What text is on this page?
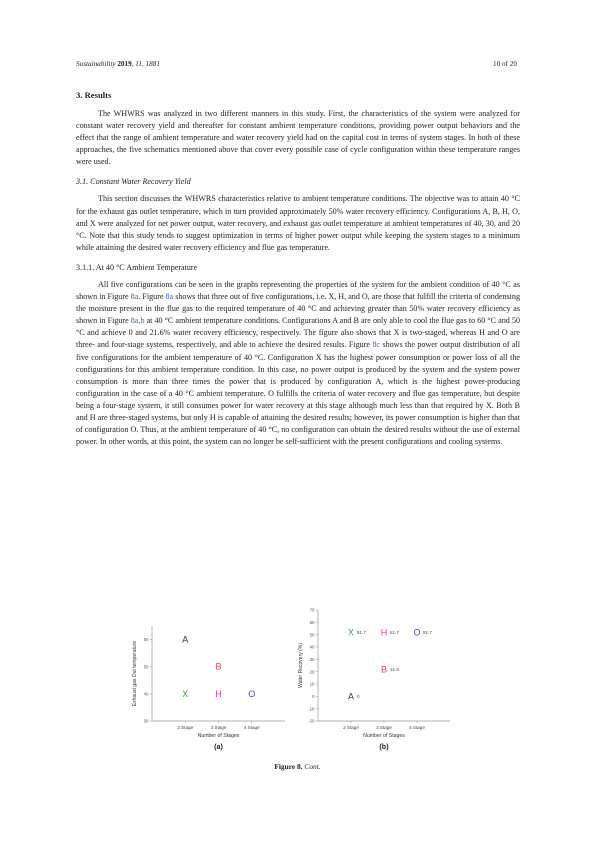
Sustainability 2019, 11, 1881	10 of 20
3. Results

The WHWRS was analyzed in two different manners in this study. First, the characteristics of the system were analyzed for constant water recovery yield and thereafter for constant ambient temperature conditions, providing power output behaviors and the effect that the range of ambient temperature and water recovery yield had on the capital cost in terms of system stages. In both of these approaches, the five schematics mentioned above that cover every possible case of cycle configuration within these temperature ranges were used.

3.1. Constant Water Recovery Yield

This section discusses the WHWRS characteristics relative to ambient temperature conditions. The objective was to attain 40 °C for the exhaust gas outlet temperature, which in turn provided approximately 50% water recovery efficiency. Configurations A, B, H, O, and X were analyzed for net power output, water recovery, and exhaust gas outlet temperature at ambient temperatures of 40, 30, and 20 °C. Note that this study tends to suggest optimization in terms of higher power output while keeping the system stages to a minimum while attaining the desired water recovery efficiency and flue gas temperature.

3.1.1. At 40 °C Ambient Temperature

All five configurations can be seen in the graphs representing the properties of the system for the ambient condition of 40 °C as shown in Figure 8a. Figure 8a shows that three out of five configurations, i.e. X, H, and O, are those that fulfill the criteria of condensing the moisture present in the flue gas to the required temperature of 40 °C and achieving greater than 50% water recovery efficiency as shown in Figure 8a,b at 40 °C ambient temperature conditions. Configurations A and B are only able to cool the flue gas to 60 °C and 50 °C and achieve 0 and 21.6% water recovery efficiency, respectively. The figure also shows that X is two-staged, whereas H and O are three- and four-stage systems, respectively, and able to achieve the desired results. Figure 8c shows the power output distribution of all five configurations for the ambient temperature of 40 °C. Configuration X has the highest power consumption or power loss of all the configurations for this ambient temperature condition. In this case, no power output is produced by the system and the system power consumption is more than three times the power that is produced by configuration A, which is the highest power-producing configuration in the case of a 40 °C ambient temperature. O fulfills the criteria of water recovery and flue gas temperature, but despite being a four-stage system, it still consumes power for water recovery at this stage although much less than that required by X. Both B and H are three-staged systems, but only H is capable of attaining the desired results; however, its power consumption is higher than that of configuration O. Thus, at the ambient temperature of 40 °C, no configuration can obtain the desired results without the use of external power. In other words, at this point, the system can no longer be self-sufficient with the present configurations and cooling systems.

30
40
50
60
2 Stage	3 Stage	4 Stage
Number of Stages
Exhaust gas Out temperature
(a)
A
B
X	H	O
-20
-10
0
10
20
30
40
50
60
70
2 Stage	3 Stage	4 Stage
Number of Stages
Water Recovery (%)
(b)
X 51.7 H 51.7 O 51.7
B 21.6
A 0
Figure 8. Cont.
